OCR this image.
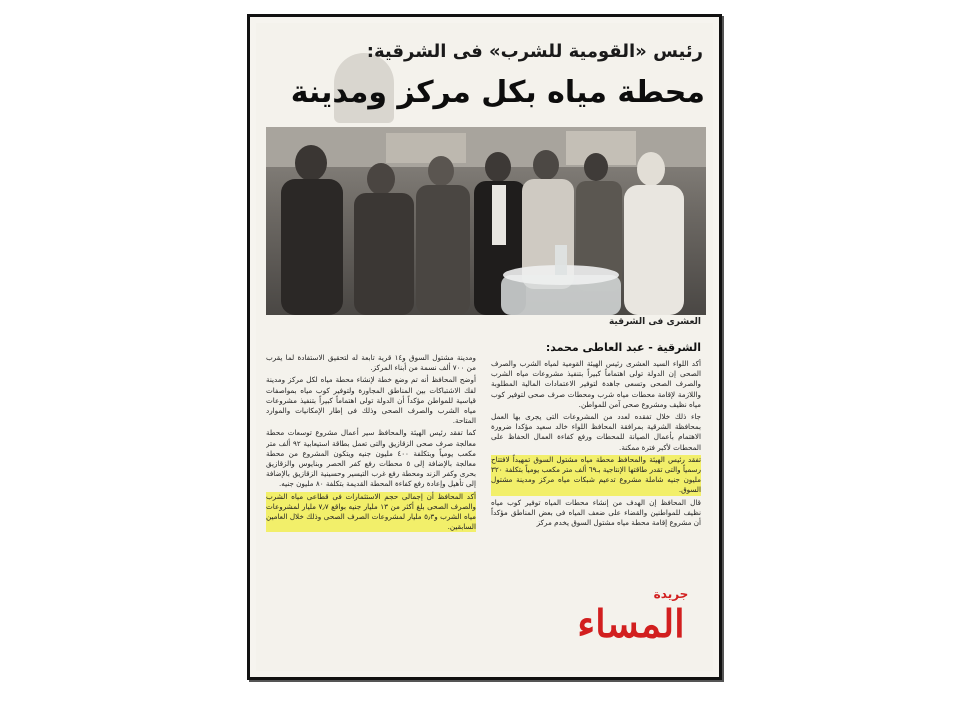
رئيس «القومية للشرب» فى الشرقية:
محطة مياه بكل مركز ومدينة
العشرى فى الشرقية
الشرقية - عبد العاطى محمد:

أكد اللواء السيد العشرى رئيس الهيئة القومية لمياه الشرب والصرف الصحى إن الدولة تولى اهتماماً كبيراً بتنفيذ مشروعات مياه الشرب والصرف الصحى وتسعى جاهدة لتوفير الاعتمادات المالية المطلوبة واللازمة لإقامة محطات مياه شرب ومحطات صرف صحى لتوفير كوب مياه نظيف ومشروع صحى آمن للمواطن.

جاء ذلك خلال تفقده لعدد من المشروعات التى يجرى بها العمل بمحافظة الشرقية بمرافقة المحافظ اللواء خالد سعيد مؤكدا ضرورة الاهتمام بأعمال الصيانة للمحطات ورفع كفاءة العمال الحفاظ على المحطات لأكبر فترة ممكنة.

تفقد رئيس الهيئة والمحافظ محطة مياه مشتول السوق تمهيداً لافتتاح رسمياً والتى تقدر طاقتها الإنتاجية بـ٦٩ ألف متر مكعب يومياً بتكلفة ٣٢٠ مليون جنيه شاملة مشروع تدعيم شبكات مياه مركز ومدينة مشتول السوق.

قال المحافظ إن الهدف من إنشاء محطات المياه توفير كوب مياه نظيف للمواطنين والقضاء على ضعف المياه فى بعض المناطق مؤكداً أن مشروع إقامة محطة مياه مشتول السوق يخدم مركز

ومدينة مشتول السوق و١٤ قرية تابعة له لتحقيق الاستفادة لما يقرب من ٧٠٠ ألف نسمة من أبناء المركز.

أوضح المحافظ أنه تم وضع خطة لإنشاء محطة مياه لكل مركز ومدينة لفك الاشتباكات بين المناطق المجاورة ولتوفير كوب مياه بمواصفات قياسية للمواطن مؤكداً أن الدولة تولى اهتماماً كبيراً بتنفيذ مشروعات مياه الشرب والصرف الصحى وذلك فى إطار الإمكانيات والموارد المتاحة.

كما تفقد رئيس الهيئة والمحافظ سير أعمال مشروع توسعات محطة معالجة صرف صحى الزقازيق والتى تعمل بطاقة استيعابية ٩٢ ألف متر مكعب يومياً وبتكلفة ٤٠٠ مليون جنيه ويتكون المشروع من محطة معالجة بالإضافة إلى ٥ محطات رفع كفر الحصر وبنايوس والزقازيق بحرى وكفر الزند ومحطة رفع غرب التيسير وحسينية الزقازيق بالإضافة إلى تأهيل وإعادة رفع كفاءة المحطة القديمة بتكلفة ٨٠ مليون جنيه.

أكد المحافظ أن إجمالى حجم الاستثمارات فى قطاعى مياه الشرب والصرف الصحى بلغ أكثر من ١٣ مليار جنيه بواقع ٧٫٧ مليار لمشروعات مياه الشرب و٥٫٣ مليار لمشروعات الصرف الصحى وذلك خلال العامين السابقين.

جريدة
المساء
